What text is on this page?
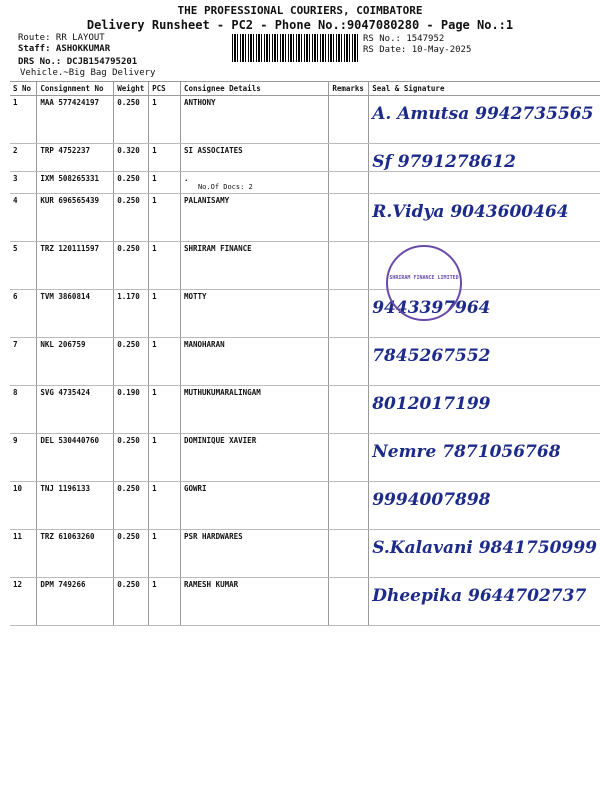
THE PROFESSIONAL COURIERS, COIMBATORE
Delivery Runsheet - PC2 - Phone No.:9047080280 - Page No.:1
Route: RR LAYOUT
Staff: ASHOKKUMAR
DRS No.: DCJB154795201
Vehicle.~Big Bag Delivery
RS No.: 1547952
RS Date: 10-May-2025
S No	Consignment No	Weight	PCS	Consignee Details	Remarks	Seal & Signature
1	MAA 577424197	0.250	1	ANTHONY		A. Amutsa 9942735565
2	TRP 4752237	0.320	1	SI ASSOCIATES		Sf 9791278612
3	IXM 508265331	0.250	1	.
No.Of Docs: 2		

4	KUR 696565439	0.250	1	PALANISAMY		R.Vidya 9043600464
5	TRZ 120111597	0.250	1	SHRIRAM FINANCE		
6	TVM 3860814	1.170	1	MOTTY		9443397964
7	NKL 206759	0.250	1	MANOHARAN		7845267552
8	SVG 4735424	0.190	1	MUTHUKUMARALINGAM		8012017199
9	DEL 530440760	0.250	1	DOMINIQUE XAVIER		Nemre 7871056768
10	TNJ 1196133	0.250	1	GOWRI		9994007898
11	TRZ 61063260	0.250	1	PSR HARDWARES		S.Kalavani 9841750999
12	DPM 749266	0.250	1	RAMESH KUMAR		Dheepika 9644702737
SHRIRAM FINANCE LIMITED
